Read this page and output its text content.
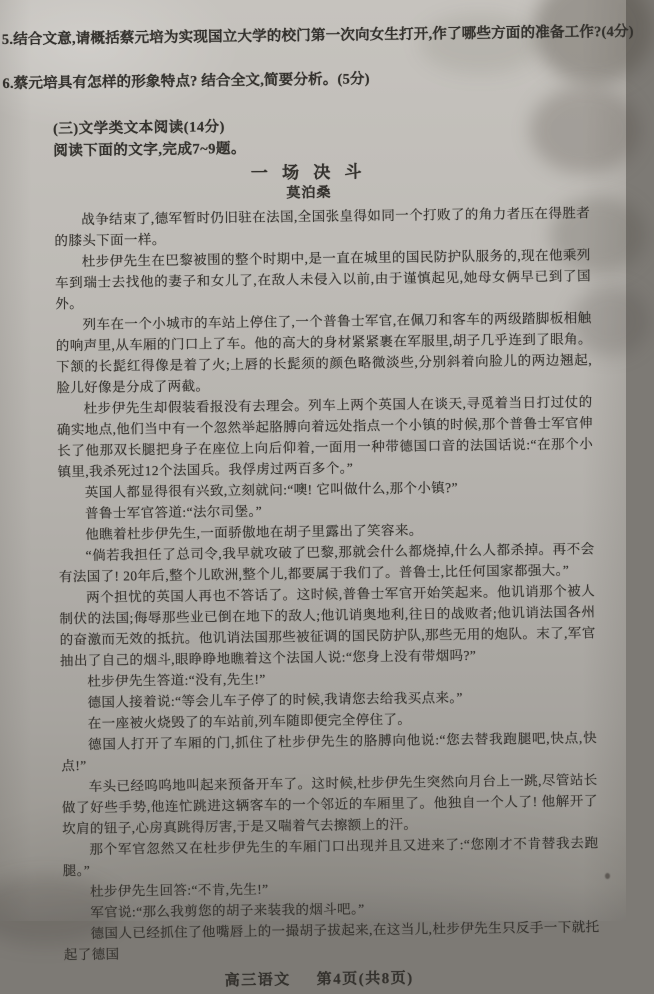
5.结合文意,请概括蔡元培为实现国立大学的校门第一次向女生打开,作了哪些方面的准备工作?(4分)
6.蔡元培具有怎样的形象特点? 结合全文,简要分析。(5分)
(三)文学类文本阅读(14分)
阅读下面的文字,完成7~9题。
一 场 决 斗
莫泊桑

战争结束了,德军暂时仍旧驻在法国,全国张皇得如同一个打败了的角力者压在得胜者的膝头下面一样。

杜步伊先生在巴黎被围的整个时期中,是一直在城里的国民防护队服务的,现在他乘列车到瑞士去找他的妻子和女儿了,在敌人未侵入以前,由于谨慎起见,她母女俩早已到了国外。

列车在一个小城市的车站上停住了,一个普鲁士军官,在佩刀和客车的两级踏脚板相触的响声里,从车厢的门口上了车。他的高大的身材紧紧裹在军服里,胡子几乎连到了眼角。下颔的长髭红得像是着了火;上唇的长髭须的颜色略微淡些,分别斜着向脸儿的两边翘起,脸儿好像是分成了两截。

杜步伊先生却假装看报没有去理会。列车上两个英国人在谈天,寻觅着当日打过仗的确实地点,他们当中有一个忽然举起胳膊向着远处指点一个小镇的时候,那个普鲁士军官伸长了他那双长腿把身子在座位上向后仰着,一面用一种带德国口音的法国话说:“在那个小镇里,我杀死过12个法国兵。我俘虏过两百多个。”

英国人都显得很有兴致,立刻就问:“噢! 它叫做什么,那个小镇?”

普鲁士军官答道:“法尔司堡。”

他瞧着杜步伊先生,一面骄傲地在胡子里露出了笑容来。

“倘若我担任了总司令,我早就攻破了巴黎,那就会什么都烧掉,什么人都杀掉。再不会有法国了! 20年后,整个儿欧洲,整个儿,都要属于我们了。普鲁士,比任何国家都强大。”

两个担忧的英国人再也不答话了。这时候,普鲁士军官开始笑起来。他讥诮那个被人制伏的法国;侮辱那些业已倒在地下的敌人;他讥诮奥地利,往日的战败者;他讥诮法国各州的奋激而无效的抵抗。他讥诮法国那些被征调的国民防护队,那些无用的炮队。末了,军官抽出了自己的烟斗,眼睁睁地瞧着这个法国人说:“您身上没有带烟吗?”

杜步伊先生答道:“没有,先生!”

德国人接着说:“等会儿车子停了的时候,我请您去给我买点来。”

在一座被火烧毁了的车站前,列车随即便完全停住了。

德国人打开了车厢的门,抓住了杜步伊先生的胳膊向他说:“您去替我跑腿吧,快点,快点!”

车头已经呜呜地叫起来预备开车了。这时候,杜步伊先生突然向月台上一跳,尽管站长做了好些手势,他连忙跳进这辆客车的一个邻近的车厢里了。他独自一个人了! 他解开了坎肩的钮子,心房真跳得厉害,于是又喘着气去擦额上的汗。

那个军官忽然又在杜步伊先生的车厢门口出现并且又进来了:“您刚才不肯替我去跑腿。”

杜步伊先生回答:“不肯,先生!”

军官说:“那么我剪您的胡子来装我的烟斗吧。”

德国人已经抓住了他嘴唇上的一撮胡子拔起来,在这当儿,杜步伊先生只反手一下就托起了德国

高三语文 第4页(共8页)
